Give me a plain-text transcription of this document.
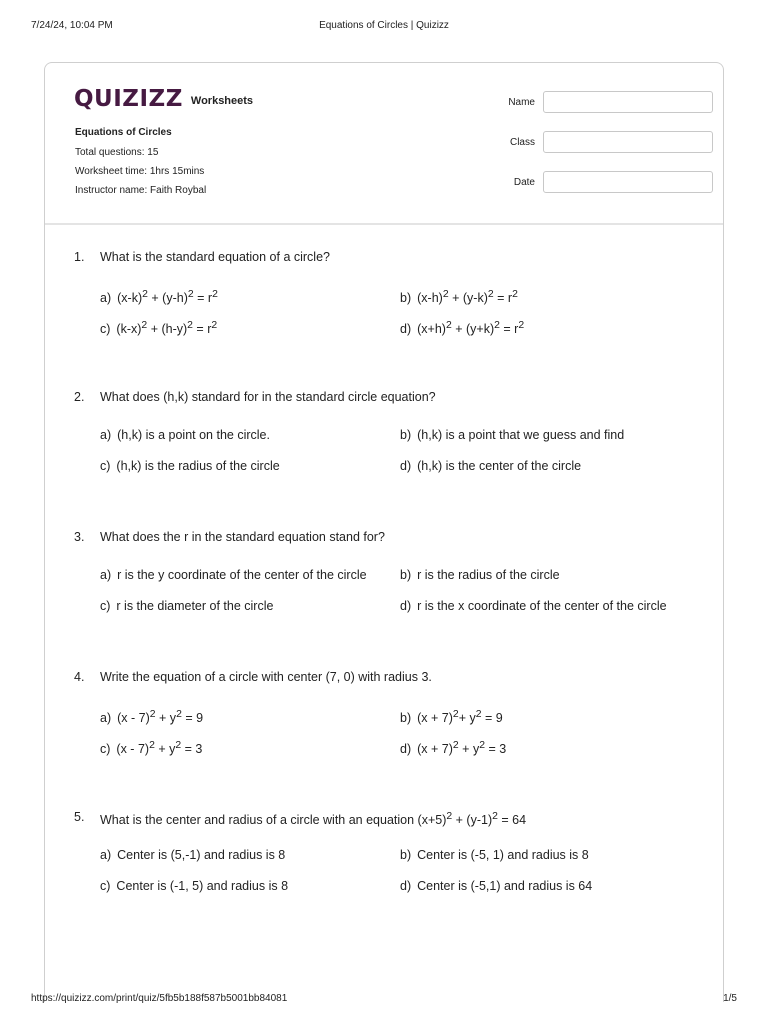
7/24/24, 10:04 PM	Equations of Circles | Quizizz
QUIZIZZ Worksheets
Equations of Circles
Total questions: 15
Worksheet time: 1hrs 15mins
Instructor name: Faith Roybal
Name
Class
Date
1. What is the standard equation of a circle?
a) $(x-k)^2 + (y-h)^2 = r^2$	b) $(x-h)^2 + (y-k)^2 = r^2$
c) $(k-x)^2 + (h-y)^2 = r^2$	d) $(x+h)^2 + (y+k)^2 = r^2$
2. What does (h,k) standard for in the standard circle equation?
a) (h,k) is a point on the circle.	b) (h,k) is a point that we guess and find
c) (h,k) is the radius of the circle	d) (h,k) is the center of the circle
3. What does the r in the standard equation stand for?
a) r is the y coordinate of the center of the circle	b) r is the radius of the circle
c) r is the diameter of the circle	d) r is the x coordinate of the center of the circle
4. Write the equation of a circle with center (7, 0) with radius 3.
a) $(x - 7)^2 + y^2 = 9$	b) $(x + 7)^2+ y^2 = 9$
c) $(x - 7)^2 + y^2 = 3$	d) $(x + 7)^2 + y^2 = 3$
5. What is the center and radius of a circle with an equation $(x+5)^2 + (y-1)^2 = 64$
a) Center is (5,-1) and radius is 8	b) Center is (-5, 1) and radius is 8
c) Center is (-1, 5) and radius is 8	d) Center is (-5,1) and radius is 64
https://quizizz.com/print/quiz/5fb5b188f587b5001bb84081	1/5
